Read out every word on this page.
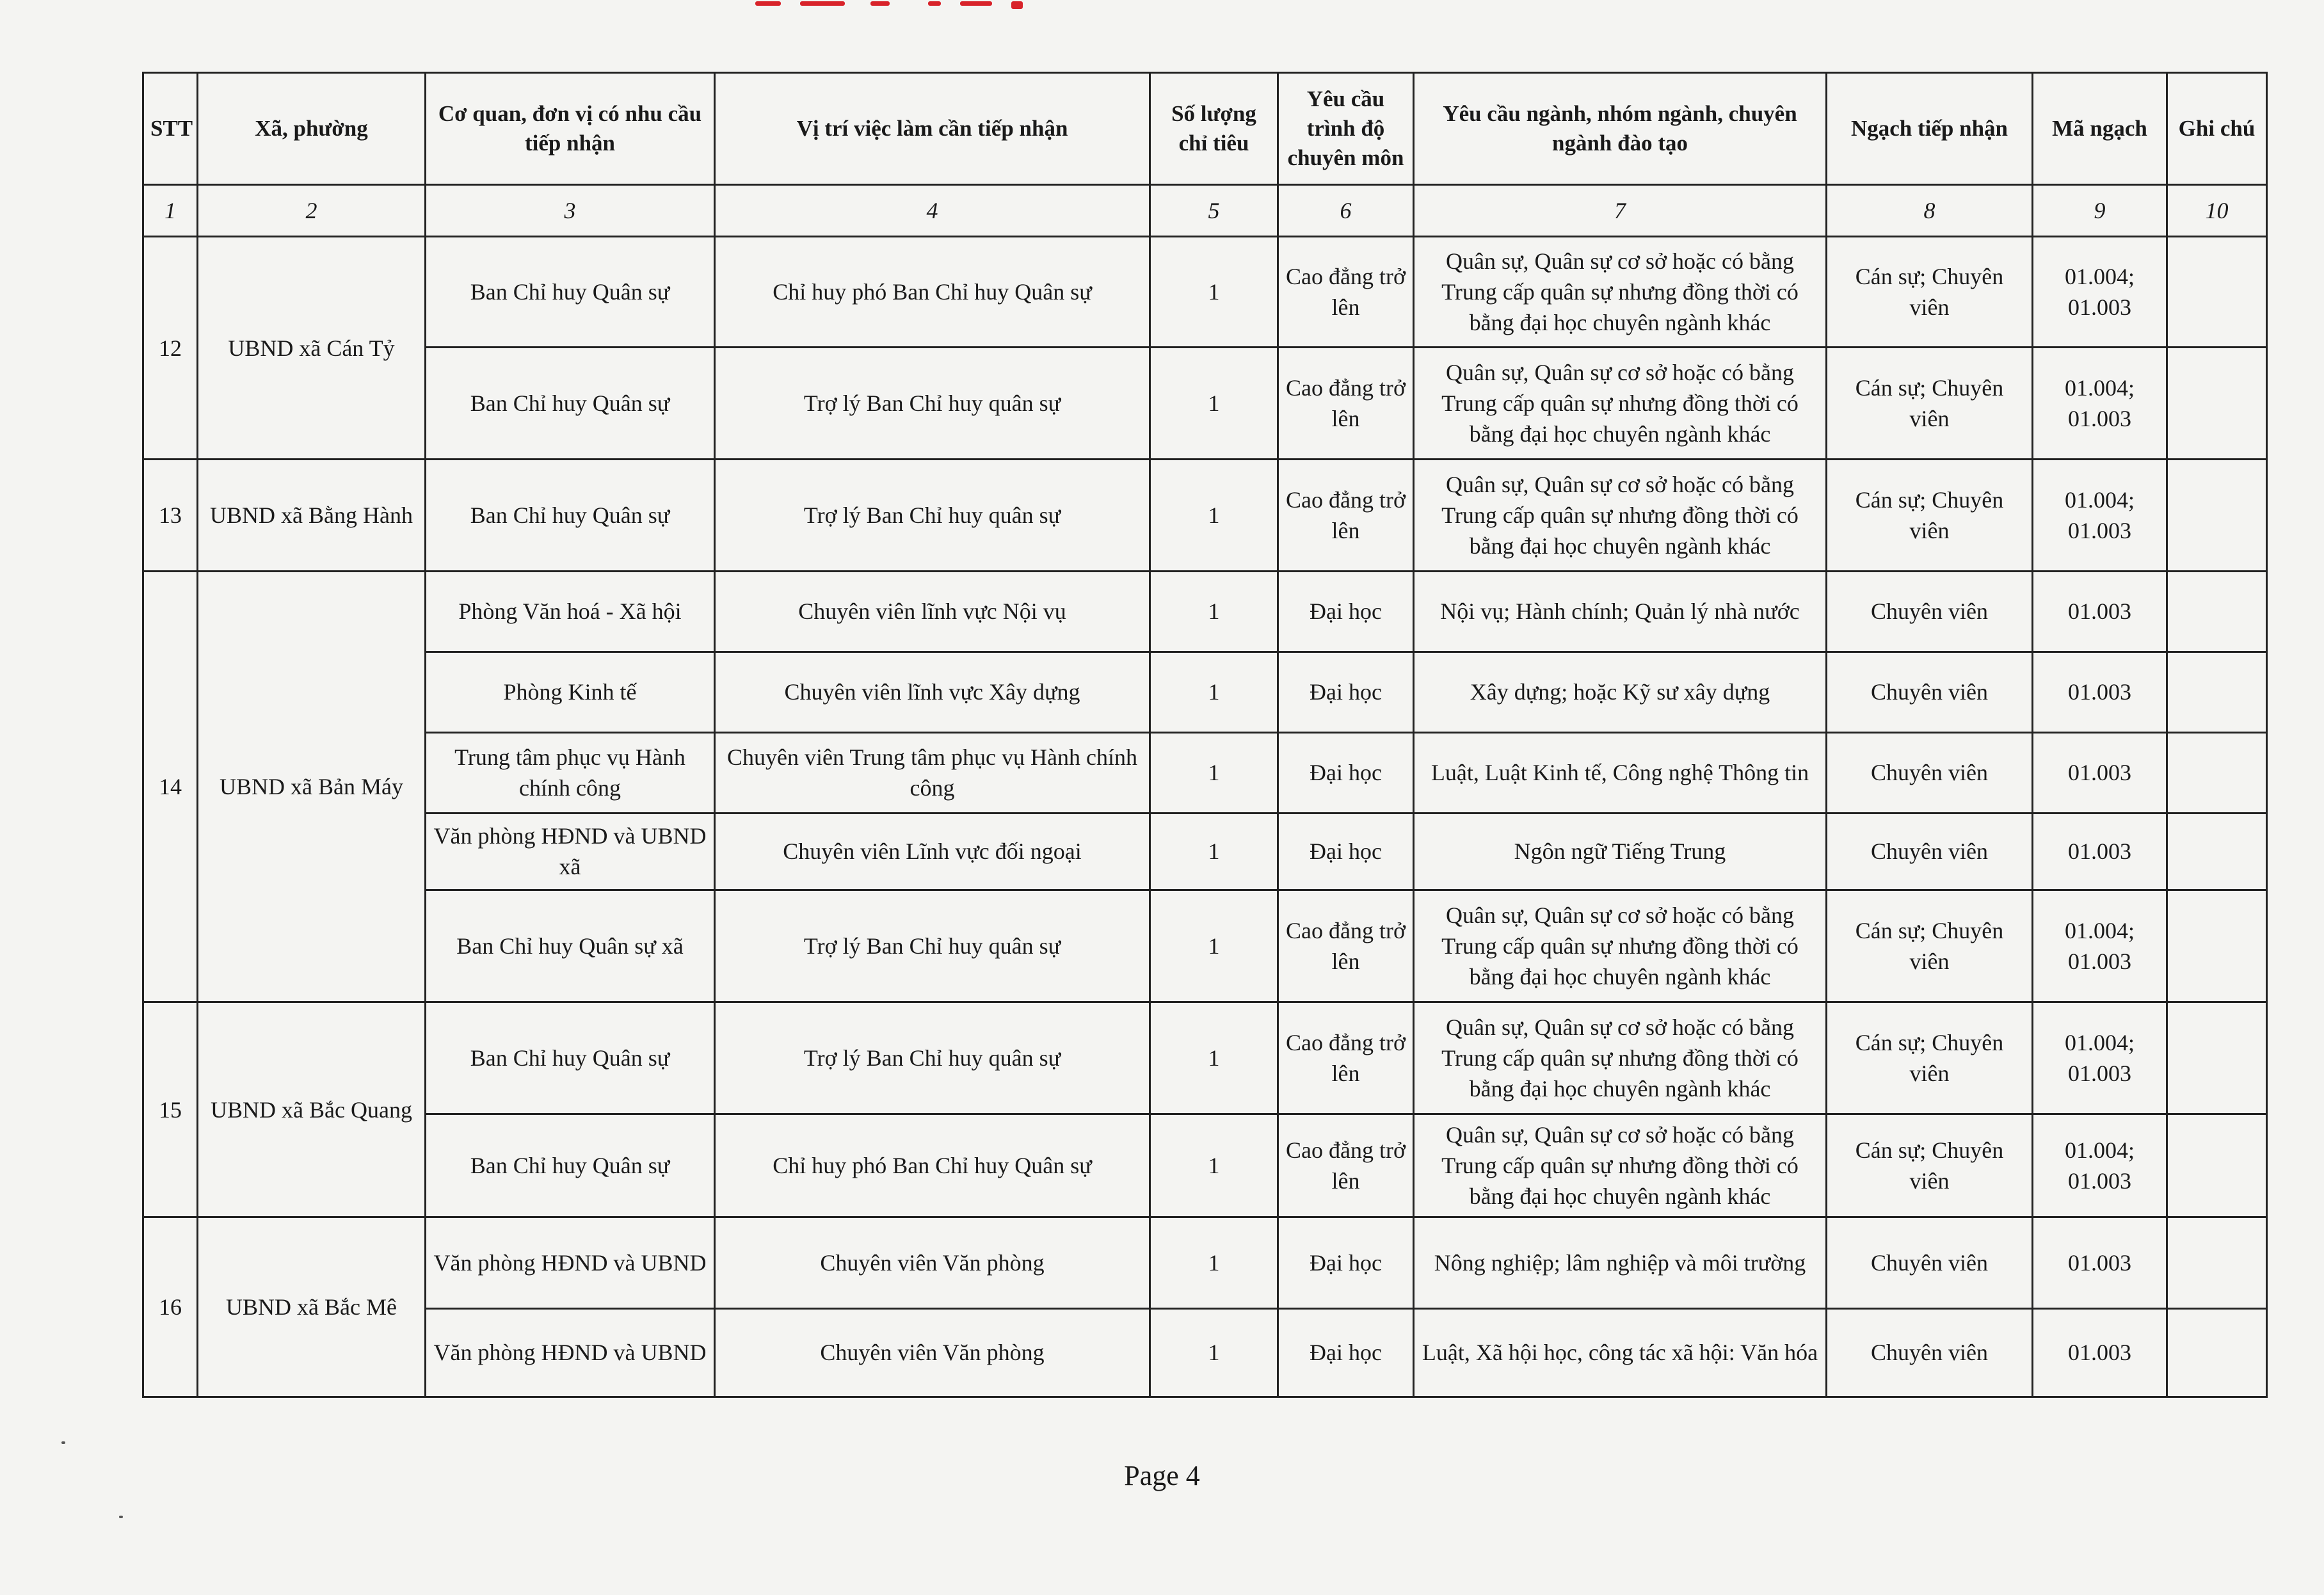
STT	Xã, phường	Cơ quan, đơn vị có nhu cầu tiếp nhận	Vị trí việc làm cần tiếp nhận	Số lượng chỉ tiêu	Yêu cầu trình độ chuyên môn	Yêu cầu ngành, nhóm ngành, chuyên ngành đào tạo	Ngạch tiếp nhận	Mã ngạch	Ghi chú
1	2	3	4	5	6	7	8	9	10
12	UBND xã Cán Tỷ	Ban Chỉ huy Quân sự	Chỉ huy phó Ban Chỉ huy Quân sự	1	Cao đẳng trở lên	Quân sự, Quân sự cơ sở hoặc có bằng Trung cấp quân sự nhưng đồng thời có bằng đại học chuyên ngành khác	Cán sự; Chuyên viên	01.004; 01.003	
		Ban Chỉ huy Quân sự	Trợ lý Ban Chỉ huy quân sự	1	Cao đẳng trở lên	Quân sự, Quân sự cơ sở hoặc có bằng Trung cấp quân sự nhưng đồng thời có bằng đại học chuyên ngành khác	Cán sự; Chuyên viên	01.004; 01.003	
13	UBND xã Bằng Hành	Ban Chỉ huy Quân sự	Trợ lý Ban Chỉ huy quân sự	1	Cao đẳng trở lên	Quân sự, Quân sự cơ sở hoặc có bằng Trung cấp quân sự nhưng đồng thời có bằng đại học chuyên ngành khác	Cán sự; Chuyên viên	01.004; 01.003	
14	UBND xã Bản Máy	Phòng Văn hoá - Xã hội	Chuyên viên lĩnh vực Nội vụ	1	Đại học	Nội vụ; Hành chính; Quản lý nhà nước	Chuyên viên	01.003	
		Phòng Kinh tế	Chuyên viên lĩnh vực Xây dựng	1	Đại học	Xây dựng; hoặc Kỹ sư xây dựng	Chuyên viên	01.003	
		Trung tâm phục vụ Hành chính công	Chuyên viên Trung tâm phục vụ Hành chính công	1	Đại học	Luật, Luật Kinh tế, Công nghệ Thông tin	Chuyên viên	01.003	
		Văn phòng HĐND và UBND xã	Chuyên viên Lĩnh vực đối ngoại	1	Đại học	Ngôn ngữ Tiếng Trung	Chuyên viên	01.003	
		Ban Chỉ huy Quân sự xã	Trợ lý Ban Chỉ huy quân sự	1	Cao đẳng trở lên	Quân sự, Quân sự cơ sở hoặc có bằng Trung cấp quân sự nhưng đồng thời có bằng đại học chuyên ngành khác	Cán sự; Chuyên viên	01.004; 01.003	
15	UBND xã Bắc Quang	Ban Chỉ huy Quân sự	Trợ lý Ban Chỉ huy quân sự	1	Cao đẳng trở lên	Quân sự, Quân sự cơ sở hoặc có bằng Trung cấp quân sự nhưng đồng thời có bằng đại học chuyên ngành khác	Cán sự; Chuyên viên	01.004; 01.003	
		Ban Chỉ huy Quân sự	Chỉ huy phó Ban Chỉ huy Quân sự	1	Cao đẳng trở lên	Quân sự, Quân sự cơ sở hoặc có bằng Trung cấp quân sự nhưng đồng thời có bằng đại học chuyên ngành khác	Cán sự; Chuyên viên	01.004; 01.003	
16	UBND xã Bắc Mê	Văn phòng HĐND và UBND	Chuyên viên Văn phòng	1	Đại học	Nông nghiệp; lâm nghiệp và môi trường	Chuyên viên	01.003	
		Văn phòng HĐND và UBND	Chuyên viên Văn phòng	1	Đại học	Luật, Xã hội học, công tác xã hội: Văn hóa	Chuyên viên	01.003	
Page 4
